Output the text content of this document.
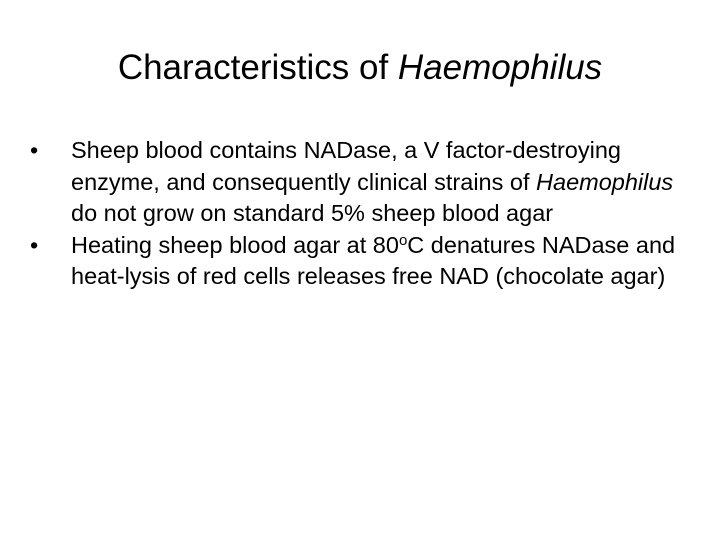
Characteristics of Haemophilus
•	Sheep blood contains NADase, a V factor-destroying enzyme, and consequently clinical strains of Haemophilus do not grow on standard 5% sheep blood agar
•	Heating sheep blood agar at 80$^o$C denatures NADase and heat-lysis of red cells releases free NAD (chocolate agar)
